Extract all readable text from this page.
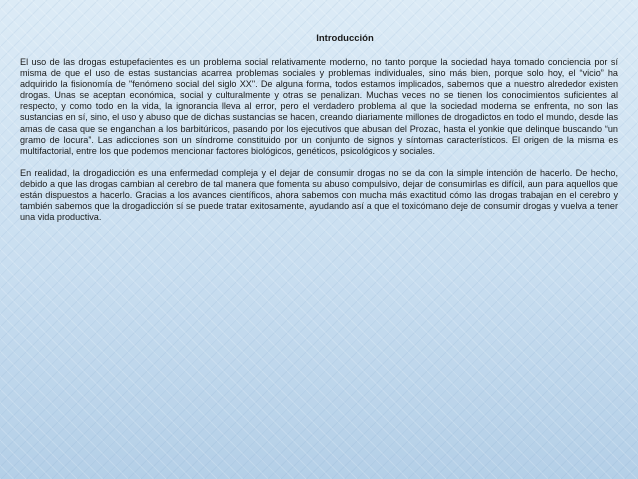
Introducción

El uso de las drogas estupefacientes es un problema social relativamente moderno, no tanto porque la sociedad haya tomado conciencia por sí misma de que el uso de estas sustancias acarrea problemas sociales y problemas individuales, sino más bien, porque solo hoy, el “vicio” ha adquirido la fisionomía de "fenómeno social del siglo XX". De alguna forma, todos estamos implicados, sabemos que a nuestro alrededor existen drogas. Unas se aceptan económica, social y culturalmente y otras se penalizan. Muchas veces no se tienen los conocimientos suficientes al respecto, y como todo en la vida, la ignorancia lleva al error, pero el verdadero problema al que la sociedad moderna se enfrenta, no son las sustancias en sí, sino, el uso y abuso que de dichas sustancias se hacen, creando diariamente millones de drogadictos en todo el mundo, desde las amas de casa que se enganchan a los barbitúricos, pasando por los ejecutivos que abusan del Prozac, hasta el yonkie que delinque buscando “un gramo de locura”. Las adicciones son un síndrome constituido por un conjunto de signos y síntomas característicos. El origen de la misma es multifactorial, entre los que podemos mencionar factores biológicos, genéticos, psicológicos y sociales.

En realidad, la drogadicción es una enfermedad compleja y el dejar de consumir drogas no se da con la simple intención de hacerlo. De hecho, debido a que las drogas cambian al cerebro de tal manera que fomenta su abuso compulsivo, dejar de consumirlas es difícil, aun para aquellos que están dispuestos a hacerlo. Gracias a los avances científicos, ahora sabemos con mucha más exactitud cómo las drogas trabajan en el cerebro y también sabemos que la drogadicción sí se puede tratar exitosamente, ayudando así a que el toxicómano deje de consumir drogas y vuelva a tener una vida productiva.
